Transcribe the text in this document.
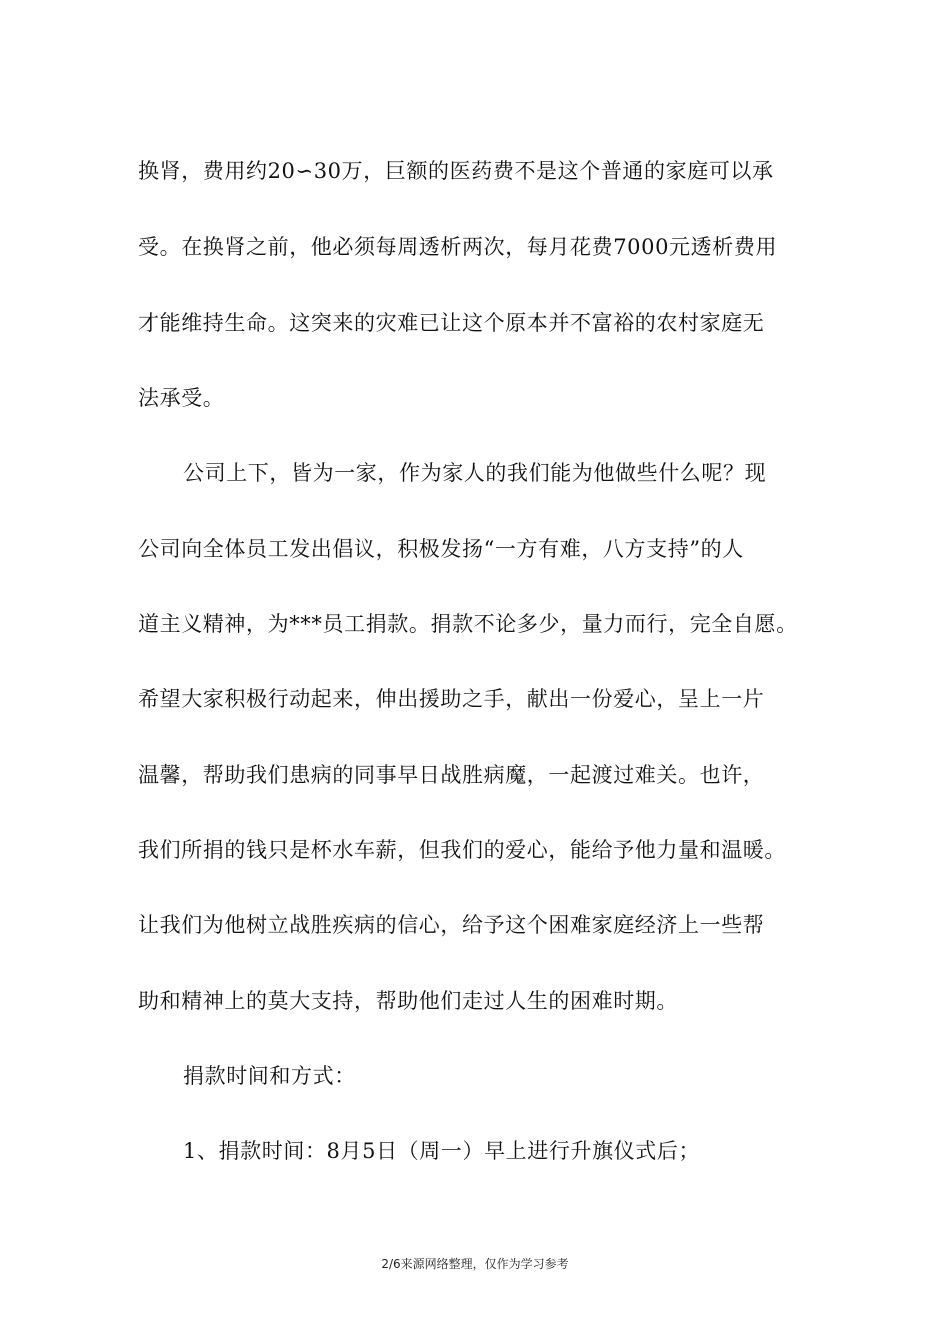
换肾，费用约20∽30万，巨额的医药费不是这个普通的家庭可以承
受。在换肾之前，他必须每周透析两次，每月花费7000元透析费用
才能维持生命。这突来的灾难已让这个原本并不富裕的农村家庭无
法承受。
公司上下，皆为一家，作为家人的我们能为他做些什么呢？现
公司向全体员工发出倡议，积极发扬“一方有难，八方支持”的人
道主义精神，为***员工捐款。捐款不论多少，量力而行，完全自愿。
希望大家积极行动起来，伸出援助之手，献出一份爱心，呈上一片
温馨，帮助我们患病的同事早日战胜病魔，一起渡过难关。也许，
我们所捐的钱只是杯水车薪，但我们的爱心，能给予他力量和温暖。
让我们为他树立战胜疾病的信心，给予这个困难家庭经济上一些帮
助和精神上的莫大支持，帮助他们走过人生的困难时期。
捐款时间和方式：
1、捐款时间：8月5日（周一）早上进行升旗仪式后；
2/6来源网络整理，仅作为学习参考
